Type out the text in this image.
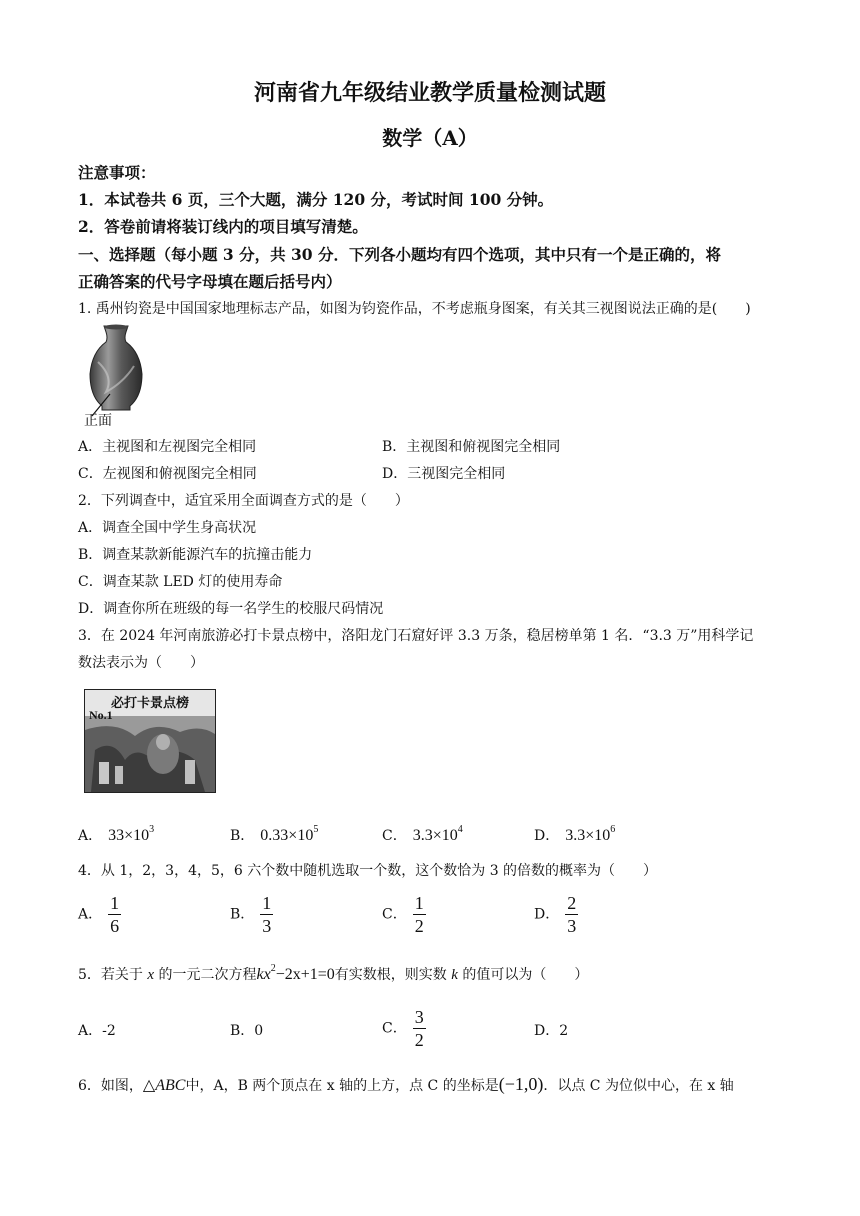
河南省九年级结业教学质量检测试题
数学（A）
注意事项：
1．本试卷共 6 页，三个大题，满分 120 分，考试时间 100 分钟。
2．答卷前请将装订线内的项目填写清楚。
一、选择题（每小题 3 分，共 30 分．下列各小题均有四个选项，其中只有一个是正确的，将
正确答案的代号字母填在题后括号内）
1. 禹州钧瓷是中国国家地理标志产品，如图为钧瓷作品，不考虑瓶身图案，有关其三视图说法正确的是(　　)
正面
A．主视图和左视图完全相同	B．主视图和俯视图完全相同
C．左视图和俯视图完全相同	D．三视图完全相同
2．下列调查中，适宜采用全面调查方式的是（　　）
A．调查全国中学生身高状况
B．调查某款新能源汽车的抗撞击能力
C．调查某款 LED 灯的使用寿命
D．调查你所在班级的每一名学生的校服尺码情况
3．在 2024 年河南旅游必打卡景点榜中，洛阳龙门石窟好评 3.3 万条，稳居榜单第 1 名．“3.3 万”用科学记
数法表示为（　　）
必打卡景点榜
No.1
A． $33\times 10^3$	B． $0.33\times 10^5$	C． $3.3\times 10^4$	D． $3.3\times 10^6$
4．从 1，2，3，4，5，6 六个数中随机选取一个数，这个数恰为 3 的倍数的概率为（　　）
A． $\frac{1}{6}$	B． $\frac{1}{3}$	C． $\frac{1}{2}$	D． $\frac{2}{3}$
5．若关于 x 的一元二次方程$kx^2-2x+1=0$有实数根，则实数 k 的值可以为（　　）
A．-2	B．0	C． $\frac{3}{2}$	D．2
6．如图，△ABC中，A，B 两个顶点在 x 轴的上方，点 C 的坐标是(−1,0)．以点 C 为位似中心，在 x 轴
